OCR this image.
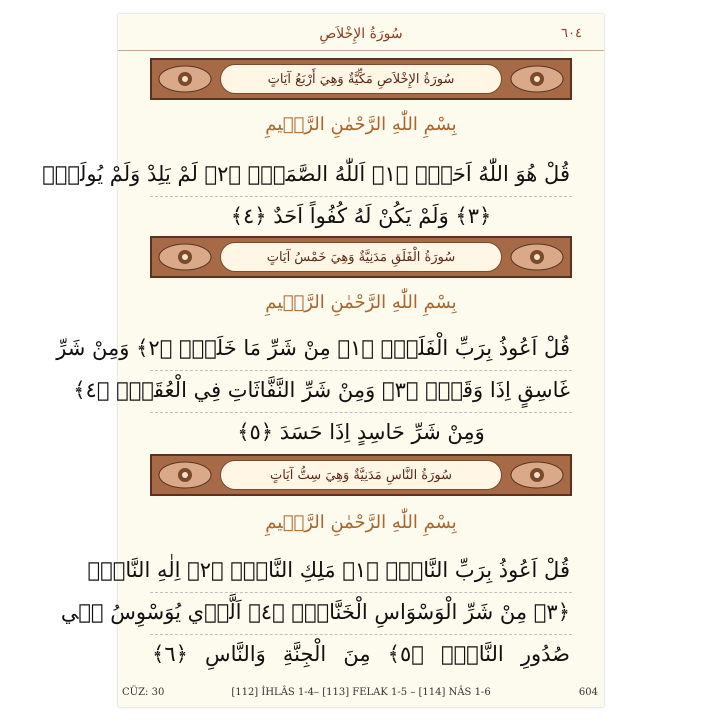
سُورَةُ الإِخْلاَصِ	٦٠٤
سُورَةُ الإِخْلاَصِ مَكِّيَّةٌ وَهِيَ أَرْبَعُ آيَاتٍ
بِسْمِ اللّٰهِ الرَّحْمٰنِ الرَّح۪يمِ
قُلْ هُوَ اللّٰهُ اَحَدٌۚ ﴿١﴾ اَللّٰهُ الصَّمَدُۚ ﴿٢﴾ لَمْ يَلِدْ وَلَمْ يُولَدْۙ
﴿٣﴾ وَلَمْ يَكُنْ لَهُ كُفُواً اَحَدٌ ﴿٤﴾
سُورَةُ الْفَلَقِ مَدَنِيَّةٌ وَهِيَ خَمْسُ آيَاتٍ
بِسْمِ اللّٰهِ الرَّحْمٰنِ الرَّح۪يمِ
قُلْ اَعُوذُ بِرَبِّ الْفَلَقِۙ ﴿١﴾ مِنْ شَرِّ مَا خَلَقَۙ ﴿٢﴾ وَمِنْ شَرِّ
غَاسِقٍ اِذَا وَقَبَۙ ﴿٣﴾ وَمِنْ شَرِّ النَّفَّاثَاتِ فِي الْعُقَدِۙ ﴿٤﴾
وَمِنْ شَرِّ حَاسِدٍ اِذَا حَسَدَ ﴿٥﴾
سُورَةُ النَّاسِ مَدَنِيَّةٌ وَهِيَ سِتُّ آيَاتٍ
بِسْمِ اللّٰهِ الرَّحْمٰنِ الرَّح۪يمِ
قُلْ اَعُوذُ بِرَبِّ النَّاسِۙ ﴿١﴾ مَلِكِ النَّاسِۙ ﴿٢﴾ اِلٰهِ النَّاسِۙ
﴿٣﴾ مِنْ شَرِّ الْوَسْوَاسِ الْخَنَّاسِۙ ﴿٤﴾ اَلَّذ۪ي يُوَسْوِسُ ف۪ي
صُدُورِ النَّاسِۙ ﴿٥﴾ مِنَ الْجِنَّةِ وَالنَّاسِ ﴿٦﴾
CÜZ: 30	[112] İHLÂS 1-4– [113] FELAK 1-5 – [114] NÂS 1-6	604
